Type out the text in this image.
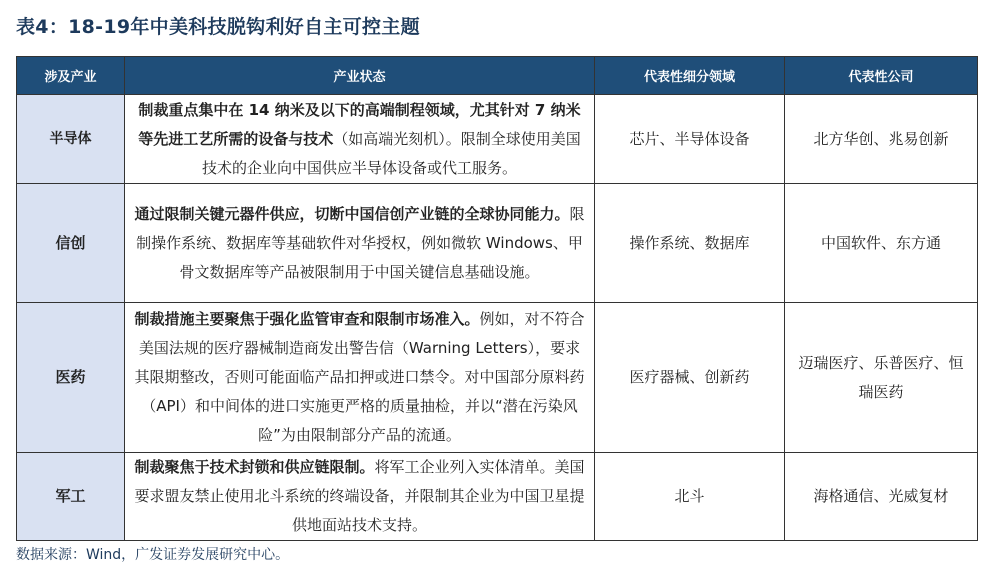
表4：18-19年中美科技脱钩利好自主可控主题
涉及产业	产业状态	代表性细分领域	代表性公司
半导体	制裁重点集中在 14 纳米及以下的高端制程领域，尤其针对 7 纳米等先进工艺所需的设备与技术（如高端光刻机）。限制全球使用美国技术的企业向中国供应半导体设备或代工服务。	芯片、半导体设备	北方华创、兆易创新
信创	通过限制关键元器件供应，切断中国信创产业链的全球协同能力。限制操作系统、数据库等基础软件对华授权，例如微软 Windows、甲骨文数据库等产品被限制用于中国关键信息基础设施。	操作系统、数据库	中国软件、东方通
医药	制裁措施主要聚焦于强化监管审查和限制市场准入。例如，对不符合美国法规的医疗器械制造商发出警告信（Warning Letters），要求其限期整改，否则可能面临产品扣押或进口禁令。对中国部分原料药（API）和中间体的进口实施更严格的质量抽检，并以“潜在污染风险”为由限制部分产品的流通。	医疗器械、创新药	迈瑞医疗、乐普医疗、恒瑞医药
军工	制裁聚焦于技术封锁和供应链限制。将军工企业列入实体清单。美国要求盟友禁止使用北斗系统的终端设备，并限制其企业为中国卫星提供地面站技术支持。	北斗	海格通信、光威复材
数据来源：Wind，广发证券发展研究中心。
